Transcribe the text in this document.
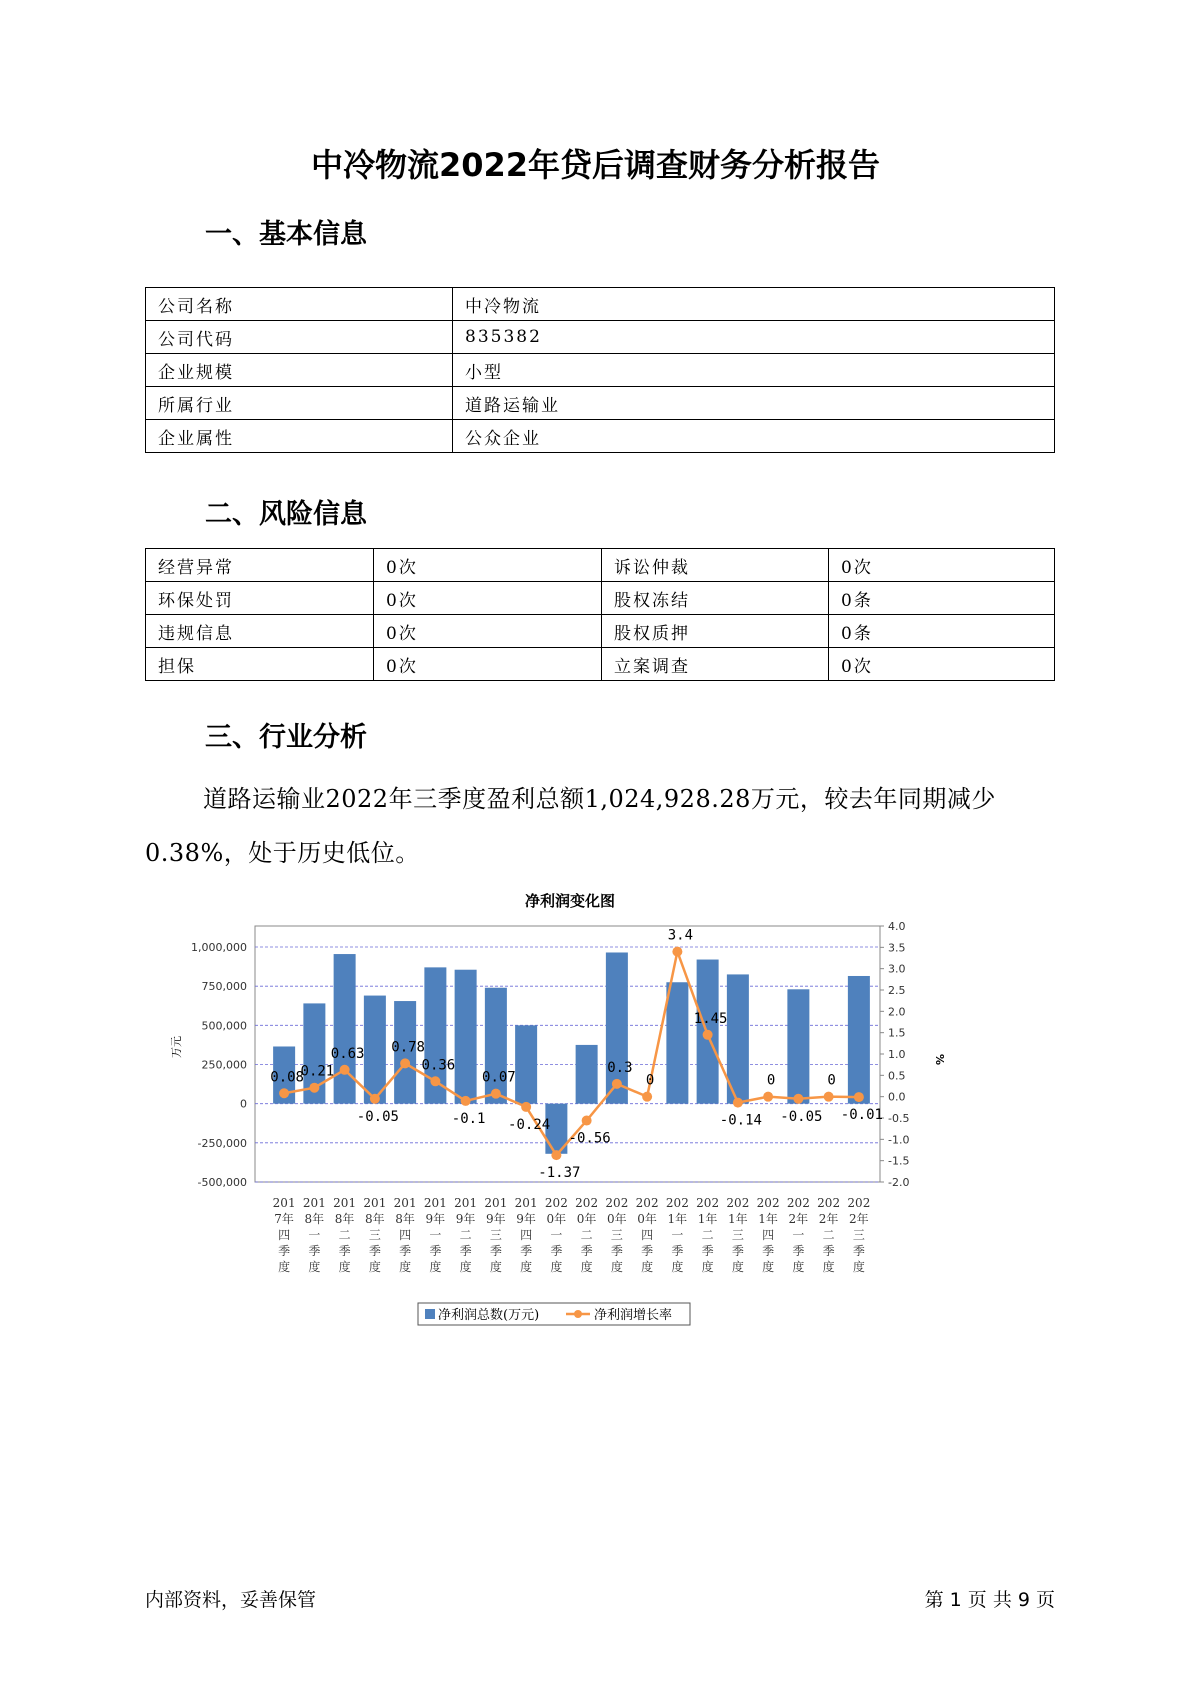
中冷物流2022年贷后调查财务分析报告
一、基本信息
公司名称	中冷物流
公司代码	835382
企业规模	小型
所属行业	道路运输业
企业属性	公众企业
二、风险信息
经营异常	0次	诉讼仲裁	0次
环保处罚	0次	股权冻结	0条
违规信息	0次	股权质押	0条
担保	0次	立案调查	0次
三、行业分析
道路运输业2022年三季度盈利总额1,024,928.28万元，较去年同期减少0.38%，处于历史低位。
净利润变化图
1,000,000
750,000
500,000
250,000
0
-250,000
-500,000
4.0
3.5
3.0
2.5
2.0
1.5
1.0
0.5
0.0
-0.5
-1.0
-1.5
-2.0
万元
%
0.08
0.21
0.63
-0.05
0.78
0.36
-0.1
0.07
-0.24
-1.37
-0.56
0.3
0
3.4
1.45
-0.14
0
-0.05
0
-0.01
201
7年
四
季
度
201
8年
一
季
度
201
8年
二
季
度
201
8年
三
季
度
201
8年
四
季
度
201
9年
一
季
度
201
9年
二
季
度
201
9年
三
季
度
201
9年
四
季
度
202
0年
一
季
度
202
0年
二
季
度
202
0年
三
季
度
202
0年
四
季
度
202
1年
一
季
度
202
1年
二
季
度
202
1年
三
季
度
202
1年
四
季
度
202
2年
一
季
度
202
2年
二
季
度
202
2年
三
季
度
净利润总数(万元)	净利润增长率
内部资料，妥善保管	第 1 页 共 9 页
